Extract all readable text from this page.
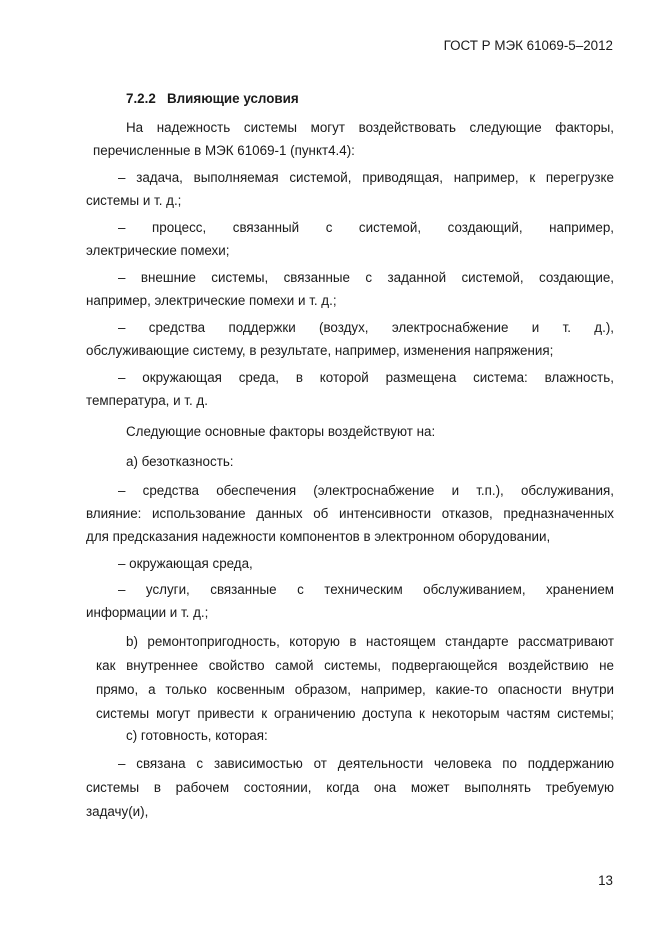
ГОСТ Р МЭК 61069-5–2012
7.2.2 Влияющие условия
На надежность системы могут воздействовать следующие факторы,
перечисленные в МЭК 61069-1 (пункт4.4):
– задача, выполняемая системой, приводящая, например, к перегрузке
системы и т. д.;
– процесс, связанный с системой, создающий, например,
электрические помехи;
– внешние системы, связанные с заданной системой, создающие,
например, электрические помехи и т. д.;
– средства поддержки (воздух, электроснабжение и т. д.),
обслуживающие систему, в результате, например, изменения напряжения;
– окружающая среда, в которой размещена система: влажность,
температура, и т. д.
Следующие основные факторы воздействуют на:
а) безотказность:
– средства обеспечения (электроснабжение и т.п.), обслуживания,
влияние: использование данных об интенсивности отказов, предназначенных
для предсказания надежности компонентов в электронном оборудовании,
– окружающая среда,
– услуги, связанные с техническим обслуживанием, хранением
информации и т. д.;
b) ремонтопригодность, которую в настоящем стандарте рассматривают
как внутреннее свойство самой системы, подвергающейся воздействию не
прямо, а только косвенным образом, например, какие-то опасности внутри
системы могут привести к ограничению доступа к некоторым частям системы;
с) готовность, которая:
– связана с зависимостью от деятельности человека по поддержанию
системы в рабочем состоянии, когда она может выполнять требуемую
задачу(и),
13
